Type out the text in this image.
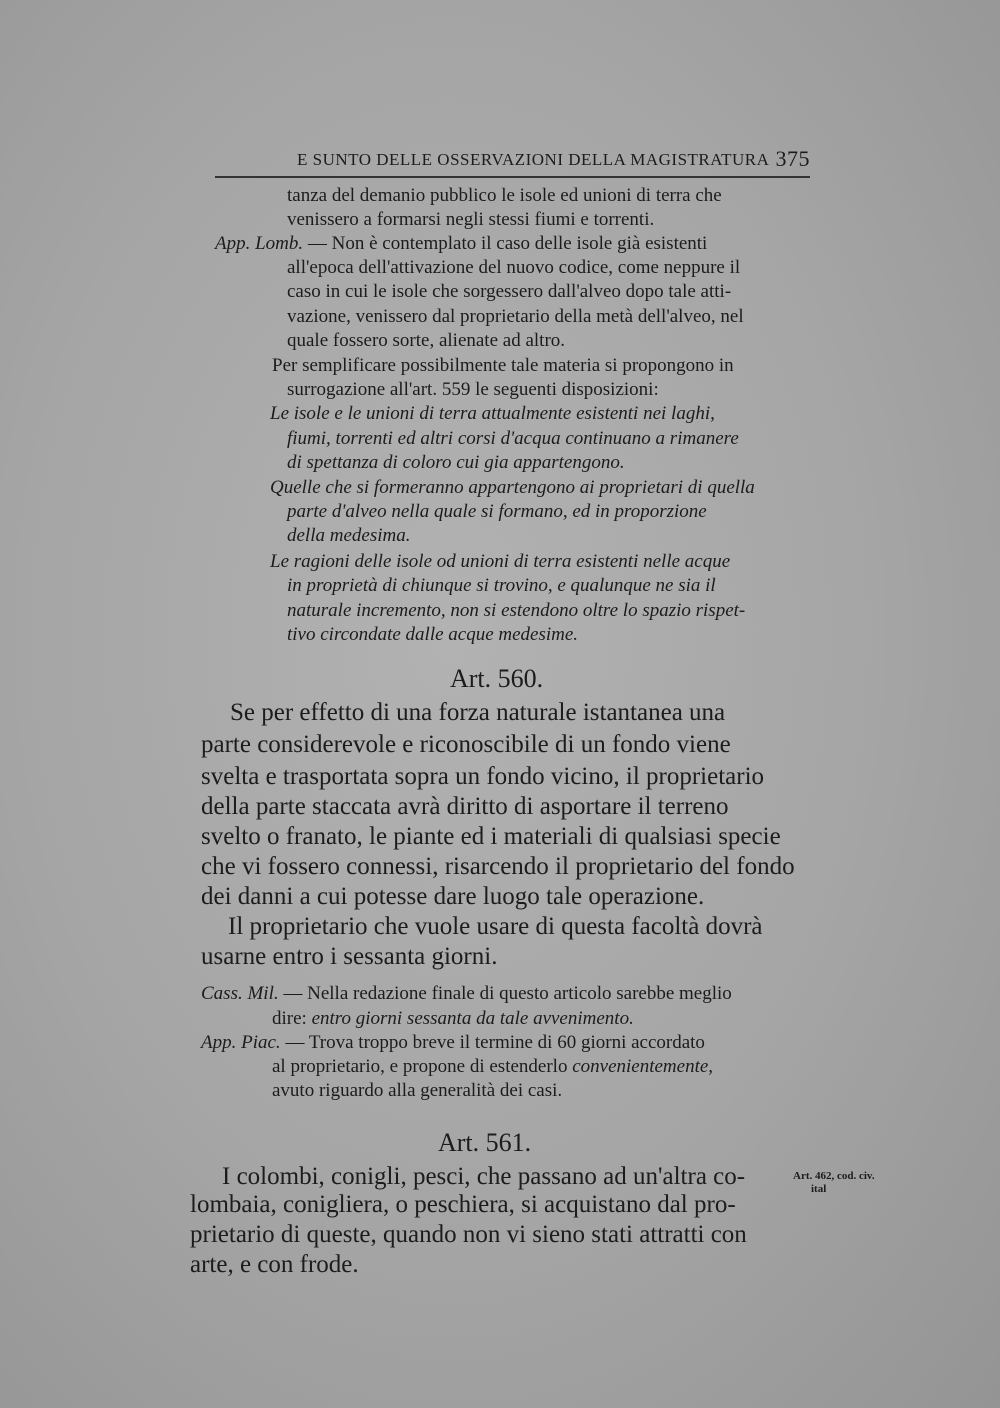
E SUNTO DELLE OSSERVAZIONI DELLA MAGISTRATURA 375
tanza del demanio pubblico le isole ed unioni di terra che
venissero a formarsi negli stessi fiumi e torrenti.
App. Lomb. — Non è contemplato il caso delle isole già esistenti
all'epoca dell'attivazione del nuovo codice, come neppure il
caso in cui le isole che sorgessero dall'alveo dopo tale atti-
vazione, venissero dal proprietario della metà dell'alveo, nel
quale fossero sorte, alienate ad altro.
Per semplificare possibilmente tale materia si propongono in
surrogazione all'art. 559 le seguenti disposizioni:
Le isole e le unioni di terra attualmente esistenti nei laghi,
fiumi, torrenti ed altri corsi d'acqua continuano a rimanere
di spettanza di coloro cui gia appartengono.
Quelle che si formeranno appartengono ai proprietari di quella
parte d'alveo nella quale si formano, ed in proporzione
della medesima.
Le ragioni delle isole od unioni di terra esistenti nelle acque
in proprietà di chiunque si trovino, e qualunque ne sia il
naturale incremento, non si estendono oltre lo spazio rispet-
tivo circondate dalle acque medesime.
Art. 560.
Se per effetto di una forza naturale istantanea una
parte considerevole e riconoscibile di un fondo viene
svelta e trasportata sopra un fondo vicino, il proprietario
della parte staccata avrà diritto di asportare il terreno
svelto o franato, le piante ed i materiali di qualsiasi specie
che vi fossero connessi, risarcendo il proprietario del fondo
dei danni a cui potesse dare luogo tale operazione.
Il proprietario che vuole usare di questa facoltà dovrà
usarne entro i sessanta giorni.
Cass. Mil. — Nella redazione finale di questo articolo sarebbe meglio
dire: entro giorni sessanta da tale avvenimento.
App. Piac. — Trova troppo breve il termine di 60 giorni accordato
al proprietario, e propone di estenderlo convenientemente,
avuto riguardo alla generalità dei casi.
Art. 561.
I colombi, conigli, pesci, che passano ad un'altra co-
lombaia, conigliera, o peschiera, si acquistano dal pro-
prietario di queste, quando non vi sieno stati attratti con
arte, e con frode.
Art. 462, cod. civ.
ital
